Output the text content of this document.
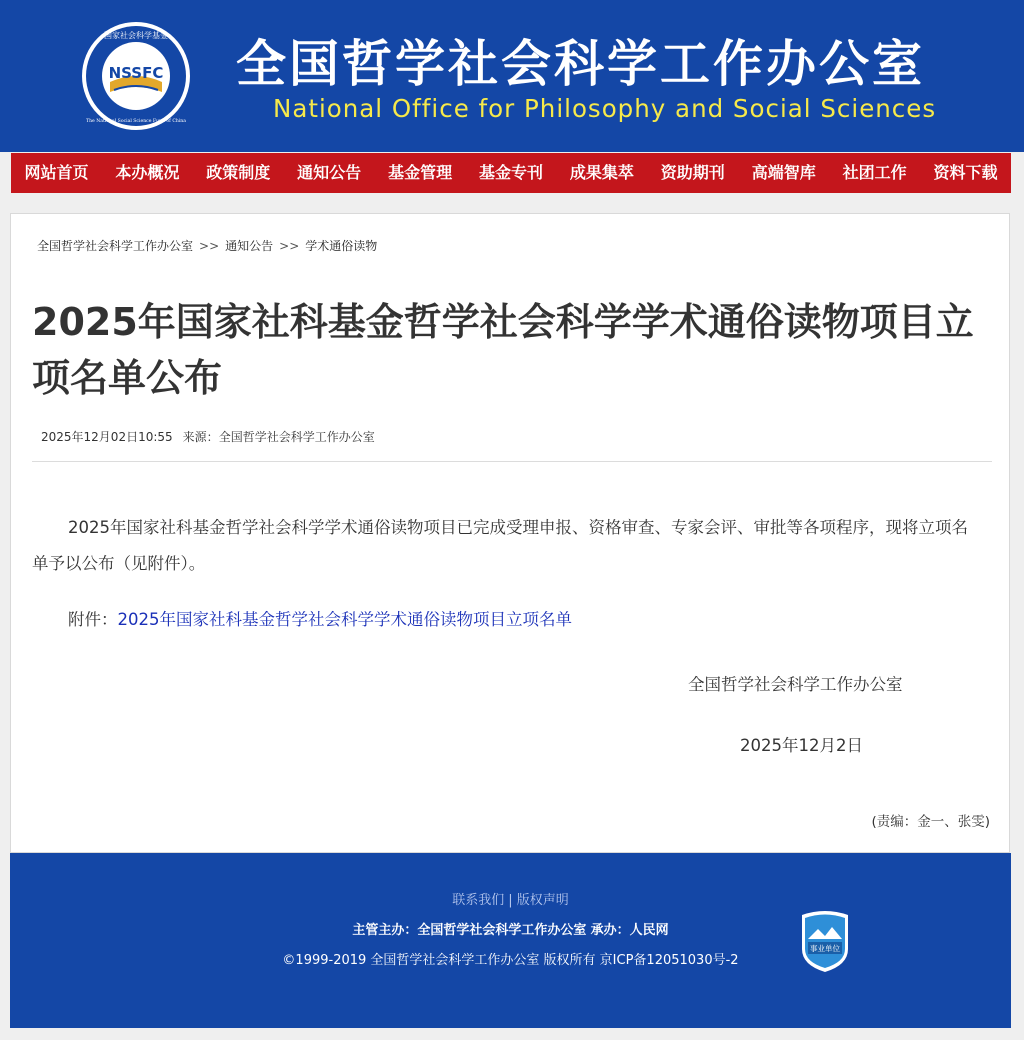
NSSFC
国家社会科学基金
The National Social Science Fund of China
全国哲学社会科学工作办公室
National Office for Philosophy and Social Sciences
网站首页	本办概况	政策制度	通知公告	基金管理	基金专刊	成果集萃	资助期刊	高端智库	社团工作	资料下载
全国哲学社会科学工作办公室 >> 通知公告 >> 学术通俗读物
2025年国家社科基金哲学社会科学学术通俗读物项目立项名单公布
2025年12月02日10:55 来源：全国哲学社会科学工作办公室

2025年国家社科基金哲学社会科学学术通俗读物项目已完成受理申报、资格审查、专家会评、审批等各项程序，现将立项名单予以公布（见附件）。

附件：2025年国家社科基金哲学社会科学学术通俗读物项目立项名单
全国哲学社会科学工作办公室
2025年12月2日
(责编：金一、张雯)
联系我们 | 版权声明
主管主办：全国哲学社会科学工作办公室 承办：人民网
©1999-2019 全国哲学社会科学工作办公室 版权所有 京ICP备12051030号-2
事业单位
